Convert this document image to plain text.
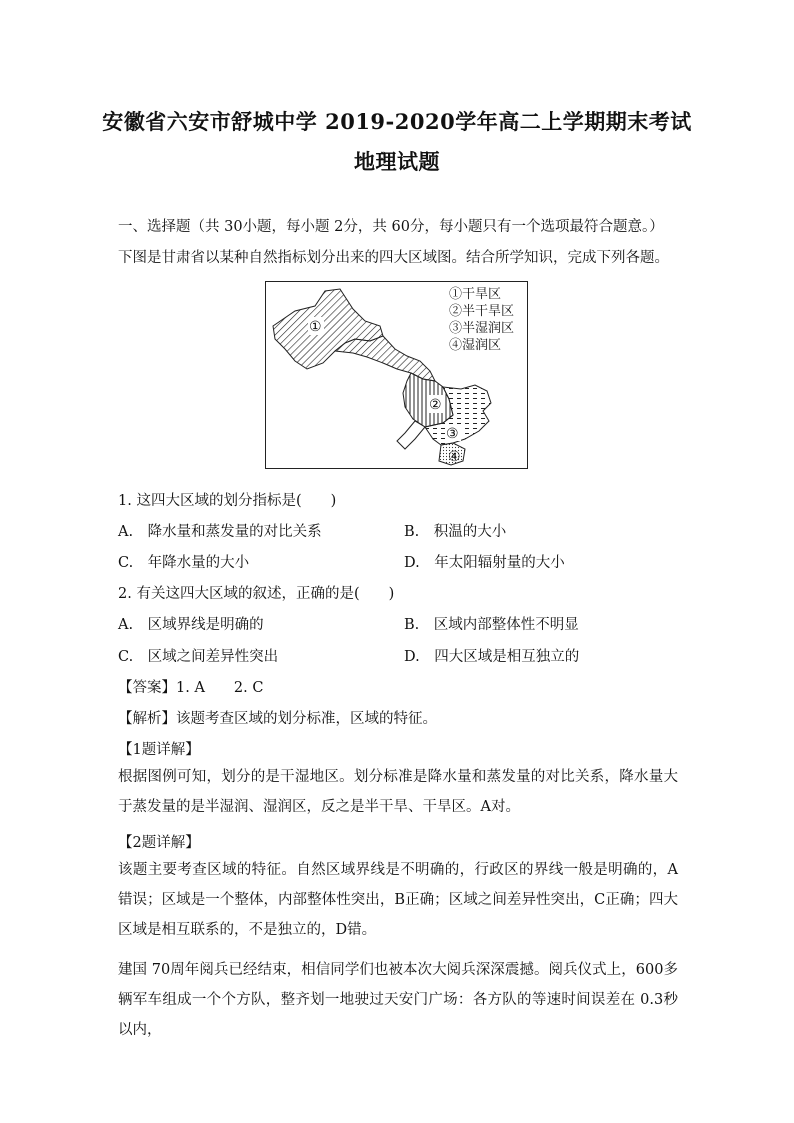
安徽省六安市舒城中学 2019-2020学年高二上学期期末考试
地理试题
一、选择题（共 30小题，每小题 2分，共 60分，每小题只有一个选项最符合题意。）
下图是甘肃省以某种自然指标划分出来的四大区域图。结合所学知识，完成下列各题。
①
②
③
④
①干旱区
②半干旱区
③半湿润区
④湿润区
1. 这四大区域的划分指标是(　　)
A.　降水量和蒸发量的对比关系	B.　积温的大小
C.　年降水量的大小	D.　年太阳辐射量的大小
2. 有关这四大区域的叙述，正确的是(　　)
A.　区域界线是明确的	B.　区域内部整体性不明显
C.　区域之间差异性突出	D.　四大区域是相互独立的
【答案】1. A　　2. C
【解析】该题考查区域的划分标准，区域的特征。
【1题详解】
根据图例可知，划分的是干湿地区。划分标准是降水量和蒸发量的对比关系，降水量大于蒸发量的是半湿润、湿润区，反之是半干旱、干旱区。A对。
【2题详解】
该题主要考查区域的特征。自然区域界线是不明确的，行政区的界线一般是明确的，A错误；区域是一个整体，内部整体性突出，B正确；区域之间差异性突出，C正确；四大区域是相互联系的，不是独立的，D错。
建国 70周年阅兵已经结束，相信同学们也被本次大阅兵深深震撼。阅兵仪式上，600多辆军车组成一个个方队，整齐划一地驶过天安门广场：各方队的等速时间误差在 0.3秒以内，
